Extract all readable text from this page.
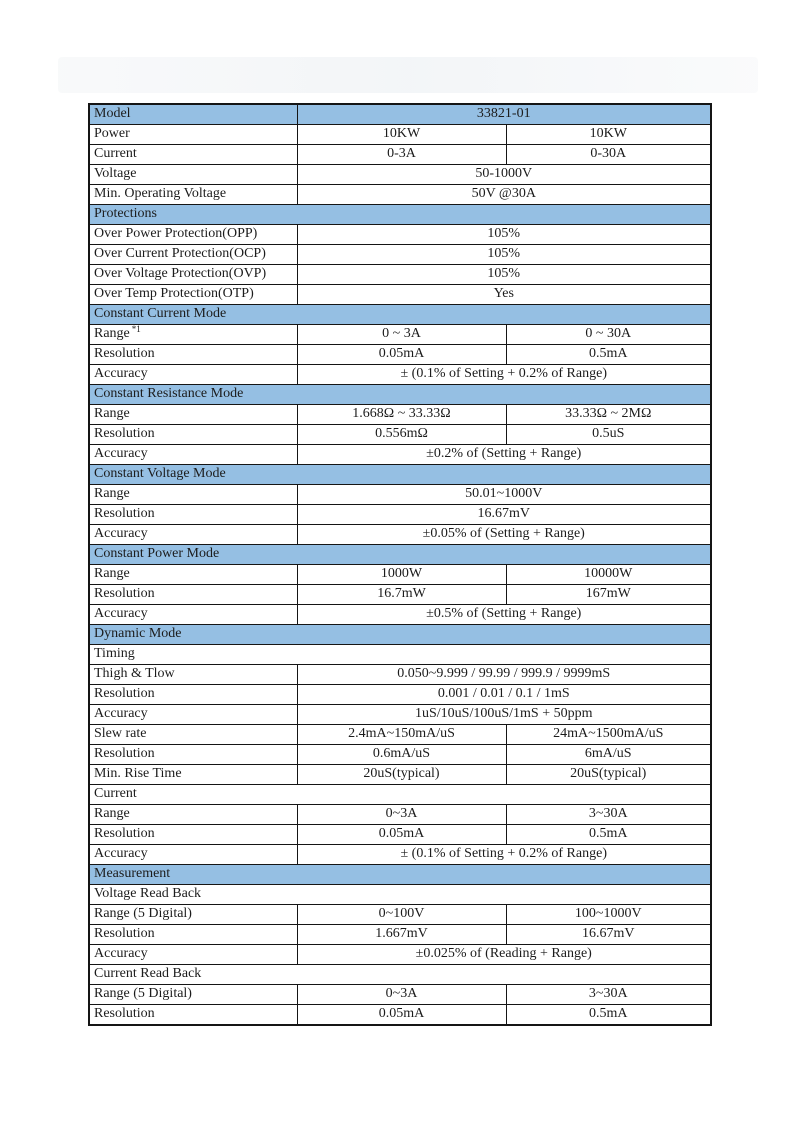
Model	33821-01	
Power	10KW	10KW
Current	0-3A	0-30A
Voltage	50-1000V	
Min. Operating Voltage	50V @30A	
Protections		
Over Power Protection(OPP)	105%	
Over Current Protection(OCP)	105%	
Over Voltage Protection(OVP)	105%	
Over Temp Protection(OTP)	Yes	
Constant Current Mode		
Range $^{*1}$	0 ~ 3A	0 ~ 30A
Resolution	0.05mA	0.5mA
Accuracy	± (0.1% of Setting + 0.2% of Range)	
Constant Resistance Mode		
Range	1.668Ω ~ 33.33Ω	33.33Ω ~ 2MΩ
Resolution	0.556mΩ	0.5uS
Accuracy	±0.2% of (Setting + Range)	
Constant Voltage Mode		
Range	50.01~1000V	
Resolution	16.67mV	
Accuracy	±0.05% of (Setting + Range)	
Constant Power Mode		
Range	1000W	10000W
Resolution	16.7mW	167mW
Accuracy	±0.5% of (Setting + Range)	
Dynamic Mode		
Timing		
Thigh & Tlow	0.050~9.999 / 99.99 / 999.9 / 9999mS	
Resolution	0.001 / 0.01 / 0.1 / 1mS	
Accuracy	1uS/10uS/100uS/1mS + 50ppm	
Slew rate	2.4mA~150mA/uS	24mA~1500mA/uS
Resolution	0.6mA/uS	6mA/uS
Min. Rise Time	20uS(typical)	20uS(typical)
Current		
Range	0~3A	3~30A
Resolution	0.05mA	0.5mA
Accuracy	± (0.1% of Setting + 0.2% of Range)	
Measurement		
Voltage Read Back		
Range (5 Digital)	0~100V	100~1000V
Resolution	1.667mV	16.67mV
Accuracy	±0.025% of (Reading + Range)	
Current Read Back		
Range (5 Digital)	0~3A	3~30A
Resolution	0.05mA	0.5mA
